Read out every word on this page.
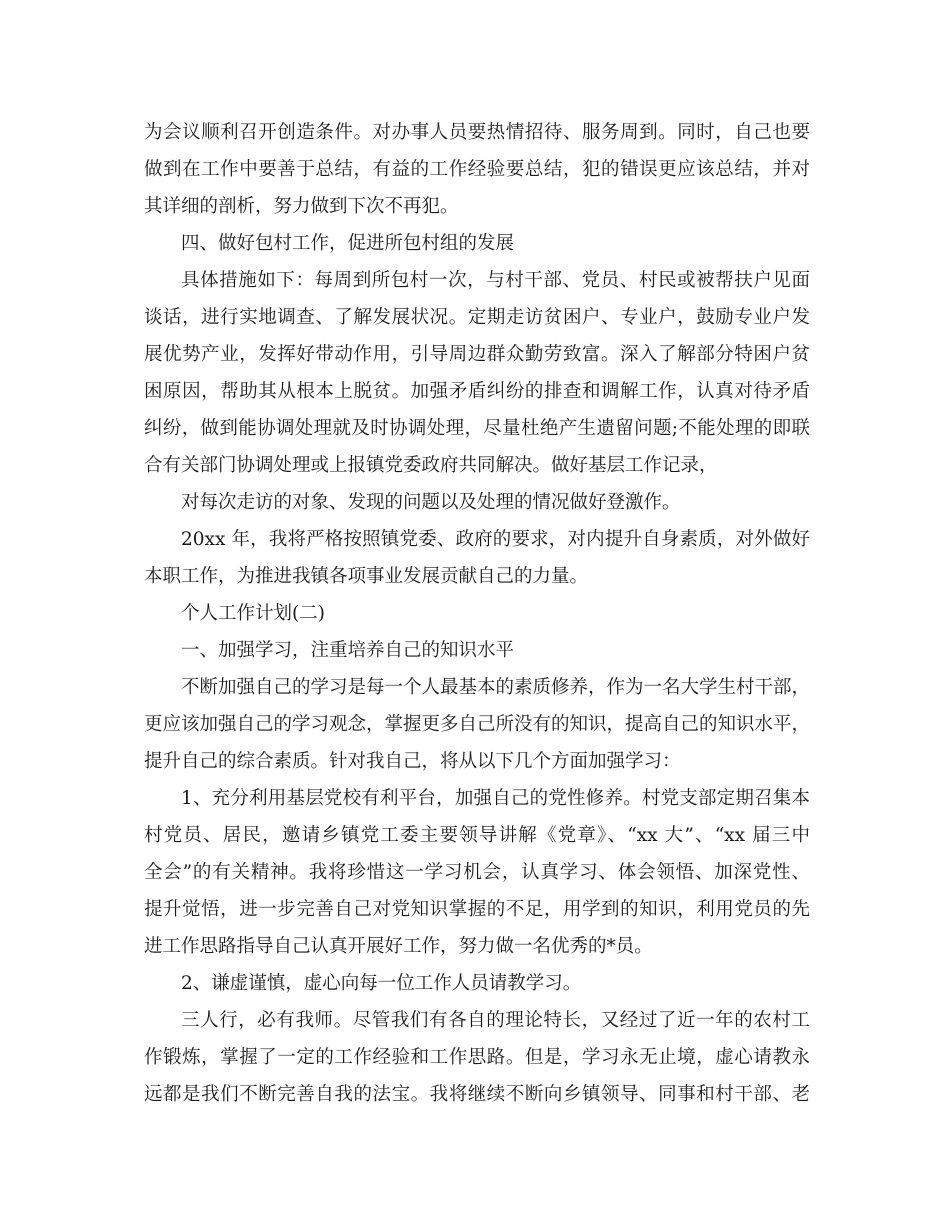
为会议顺利召开创造条件。对办事人员要热情招待、服务周到。同时，自己也要
做到在工作中要善于总结，有益的工作经验要总结，犯的错误更应该总结，并对
其详细的剖析，努力做到下次不再犯。
四、做好包村工作，促进所包村组的发展
具体措施如下：每周到所包村一次，与村干部、党员、村民或被帮扶户见面
谈话，进行实地调查、了解发展状况。定期走访贫困户、专业户，鼓励专业户发
展优势产业，发挥好带动作用，引导周边群众勤劳致富。深入了解部分特困户贫
困原因，帮助其从根本上脱贫。加强矛盾纠纷的排查和调解工作，认真对待矛盾
纠纷，做到能协调处理就及时协调处理，尽量杜绝产生遗留问题;不能处理的即联
合有关部门协调处理或上报镇党委政府共同解决。做好基层工作记录，
对每次走访的对象、发现的问题以及处理的情况做好登激作。
20xx 年，我将严格按照镇党委、政府的要求，对内提升自身素质，对外做好
本职工作，为推进我镇各项事业发展贡献自己的力量。
个人工作计划(二)
一、加强学习，注重培养自己的知识水平
不断加强自己的学习是每一个人最基本的素质修养，作为一名大学生村干部，
更应该加强自己的学习观念，掌握更多自己所没有的知识，提高自己的知识水平，
提升自己的综合素质。针对我自己，将从以下几个方面加强学习：
1、充分利用基层党校有利平台，加强自己的党性修养。村党支部定期召集本
村党员、居民，邀请乡镇党工委主要领导讲解《党章》、“xx 大”、“xx 届三中
全会”的有关精神。我将珍惜这一学习机会，认真学习、体会领悟、加深党性、
提升觉悟，进一步完善自己对党知识掌握的不足，用学到的知识，利用党员的先
进工作思路指导自己认真开展好工作，努力做一名优秀的*员。
2、谦虚谨慎，虚心向每一位工作人员请教学习。
三人行，必有我师。尽管我们有各自的理论特长，又经过了近一年的农村工
作锻炼，掌握了一定的工作经验和工作思路。但是，学习永无止境，虚心请教永
远都是我们不断完善自我的法宝。我将继续不断向乡镇领导、同事和村干部、老
